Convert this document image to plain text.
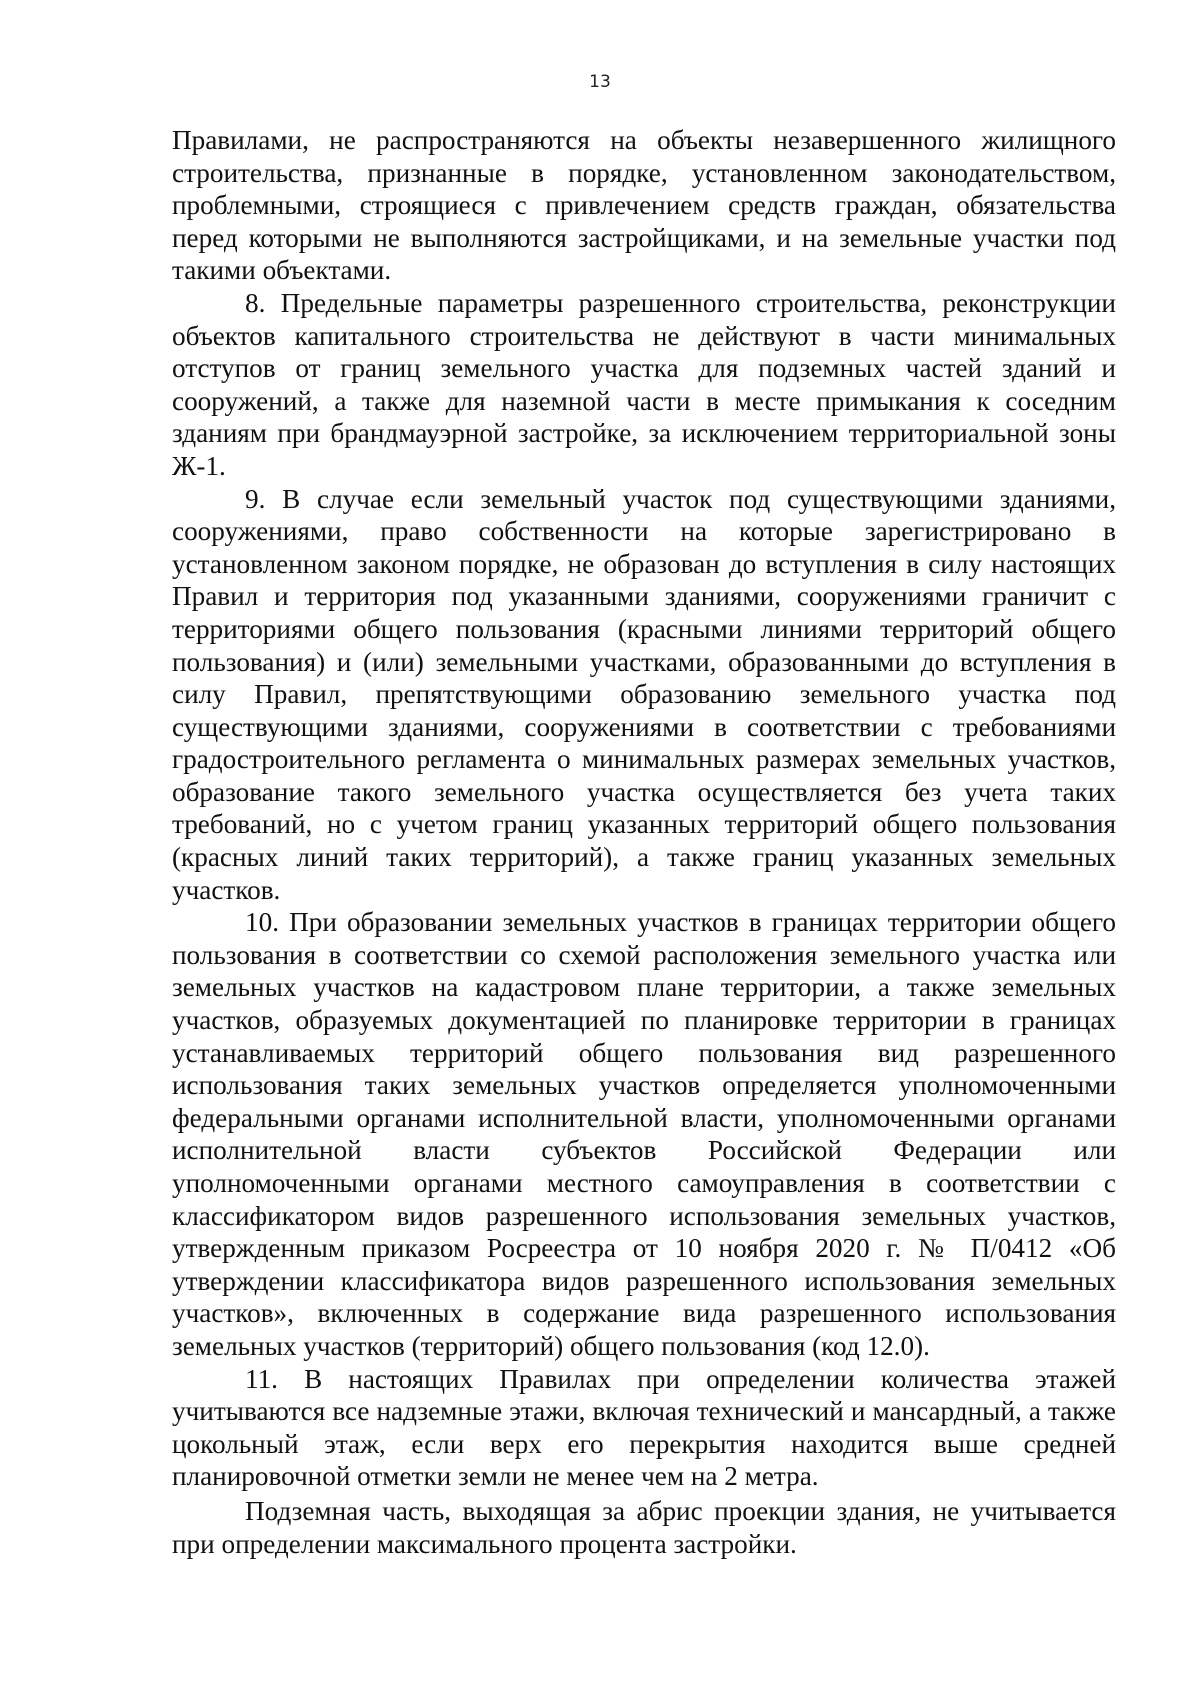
13

Правилами, не распространяются на объекты незавершенного жилищного строительства, признанные в порядке, установленном законодательством, проблемными, строящиеся с привлечением средств граждан, обязательства перед которыми не выполняются застройщиками, и на земельные участки под такими объектами.

8. Предельные параметры разрешенного строительства, реконструкции объектов капитального строительства не действуют в части минимальных отступов от границ земельного участка для подземных частей зданий и сооружений, а также для наземной части в месте примыкания к соседним зданиям при брандмауэрной застройке, за исключением территориальной зоны Ж-1.

9. В случае если земельный участок под существующими зданиями, сооружениями, право собственности на которые зарегистрировано в установленном законом порядке, не образован до вступления в силу настоящих Правил и территория под указанными зданиями, сооружениями граничит с территориями общего пользования (красными линиями территорий общего пользования) и (или) земельными участками, образованными до вступления в силу Правил, препятствующими образованию земельного участка под существующими зданиями, сооружениями в соответствии с требованиями градостроительного регламента о минимальных размерах земельных участков, образование такого земельного участка осуществляется без учета таких требований, но с учетом границ указанных территорий общего пользования (красных линий таких территорий), а также границ указанных земельных участков.

10. При образовании земельных участков в границах территории общего пользования в соответствии со схемой расположения земельного участка или земельных участков на кадастровом плане территории, а также земельных участков, образуемых документацией по планировке территории в границах устанавливаемых территорий общего пользования вид разрешенного использования таких земельных участков определяется уполномоченными федеральными органами исполнительной власти, уполномоченными органами исполнительной власти субъектов Российской Федерации или уполномоченными органами местного самоуправления в соответствии с классификатором видов разрешенного использования земельных участков, утвержденным приказом Росреестра от 10 ноября 2020 г. № П/0412 «Об утверждении классификатора видов разрешенного использования земельных участков», включенных в содержание вида разрешенного использования земельных участков (территорий) общего пользования (код 12.0).

11. В настоящих Правилах при определении количества этажей учитываются все надземные этажи, включая технический и мансардный, а также цокольный этаж, если верх его перекрытия находится выше средней планировочной отметки земли не менее чем на 2 метра.

Подземная часть, выходящая за абрис проекции здания, не учитывается при определении максимального процента застройки.
